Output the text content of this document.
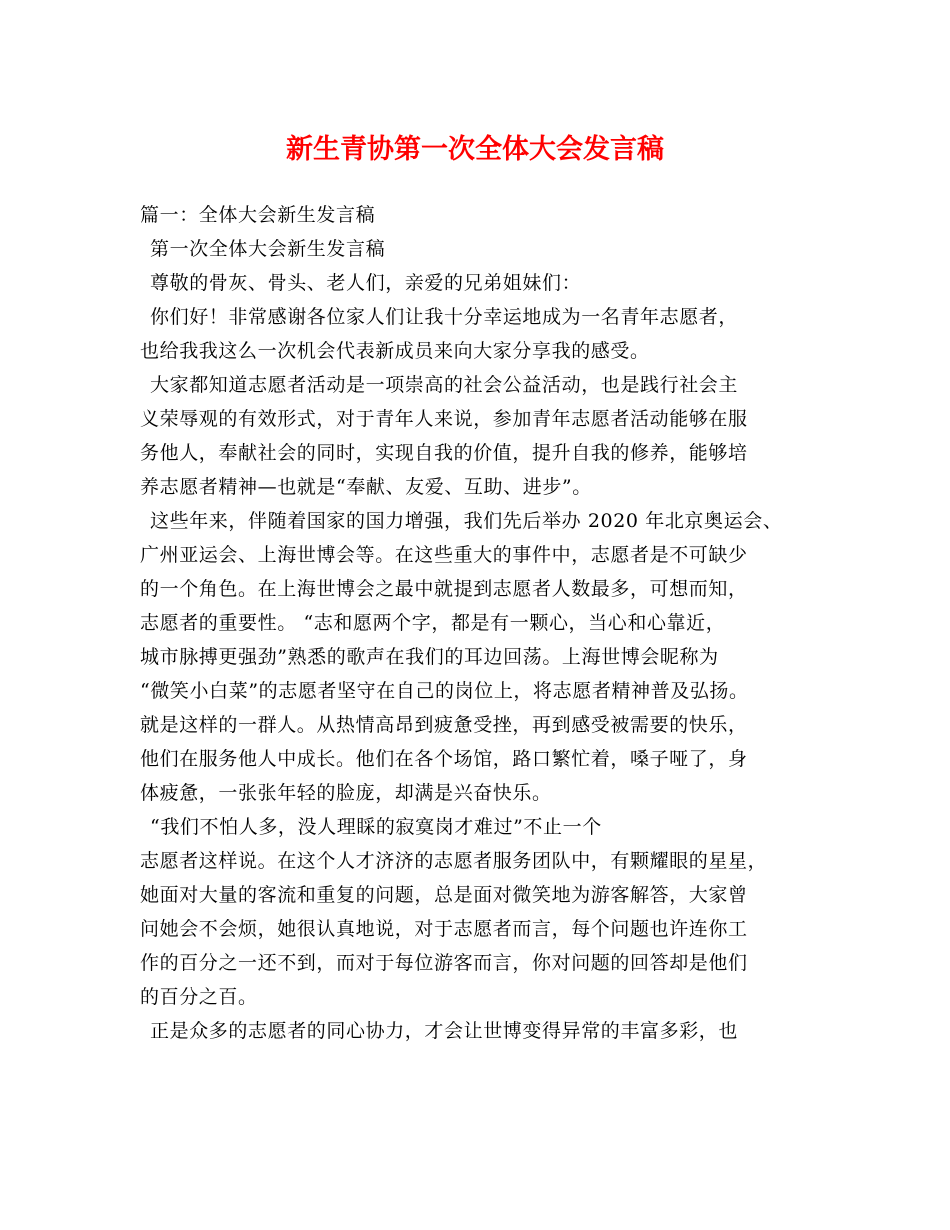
新生青协第一次全体大会发言稿
篇一：全体大会新生发言稿
第一次全体大会新生发言稿
尊敬的骨灰、骨头、老人们，亲爱的兄弟姐妹们：
你们好！非常感谢各位家人们让我十分幸运地成为一名青年志愿者，
也给我我这么一次机会代表新成员来向大家分享我的感受。
大家都知道志愿者活动是一项崇高的社会公益活动，也是践行社会主
义荣辱观的有效形式，对于青年人来说，参加青年志愿者活动能够在服
务他人，奉献社会的同时，实现自我的价值，提升自我的修养，能够培
养志愿者精神—也就是“奉献、友爱、互助、进步”。
这些年来，伴随着国家的国力增强，我们先后举办 2020 年北京奥运会、
广州亚运会、上海世博会等。在这些重大的事件中，志愿者是不可缺少
的一个角色。在上海世博会之最中就提到志愿者人数最多，可想而知，
志愿者的重要性。 “志和愿两个字，都是有一颗心，当心和心靠近，
城市脉搏更强劲”熟悉的歌声在我们的耳边回荡。上海世博会昵称为
“微笑小白菜”的志愿者坚守在自己的岗位上，将志愿者精神普及弘扬。
就是这样的一群人。从热情高昂到疲惫受挫，再到感受被需要的快乐，
他们在服务他人中成长。他们在各个场馆，路口繁忙着，嗓子哑了，身
体疲惫，一张张年轻的脸庞，却满是兴奋快乐。
“我们不怕人多，没人理睬的寂寞岗才难过”不止一个
志愿者这样说。在这个人才济济的志愿者服务团队中，有颗耀眼的星星，
她面对大量的客流和重复的问题，总是面对微笑地为游客解答，大家曾
问她会不会烦，她很认真地说，对于志愿者而言，每个问题也许连你工
作的百分之一还不到，而对于每位游客而言，你对问题的回答却是他们
的百分之百。
正是众多的志愿者的同心协力，才会让世博变得异常的丰富多彩，也
